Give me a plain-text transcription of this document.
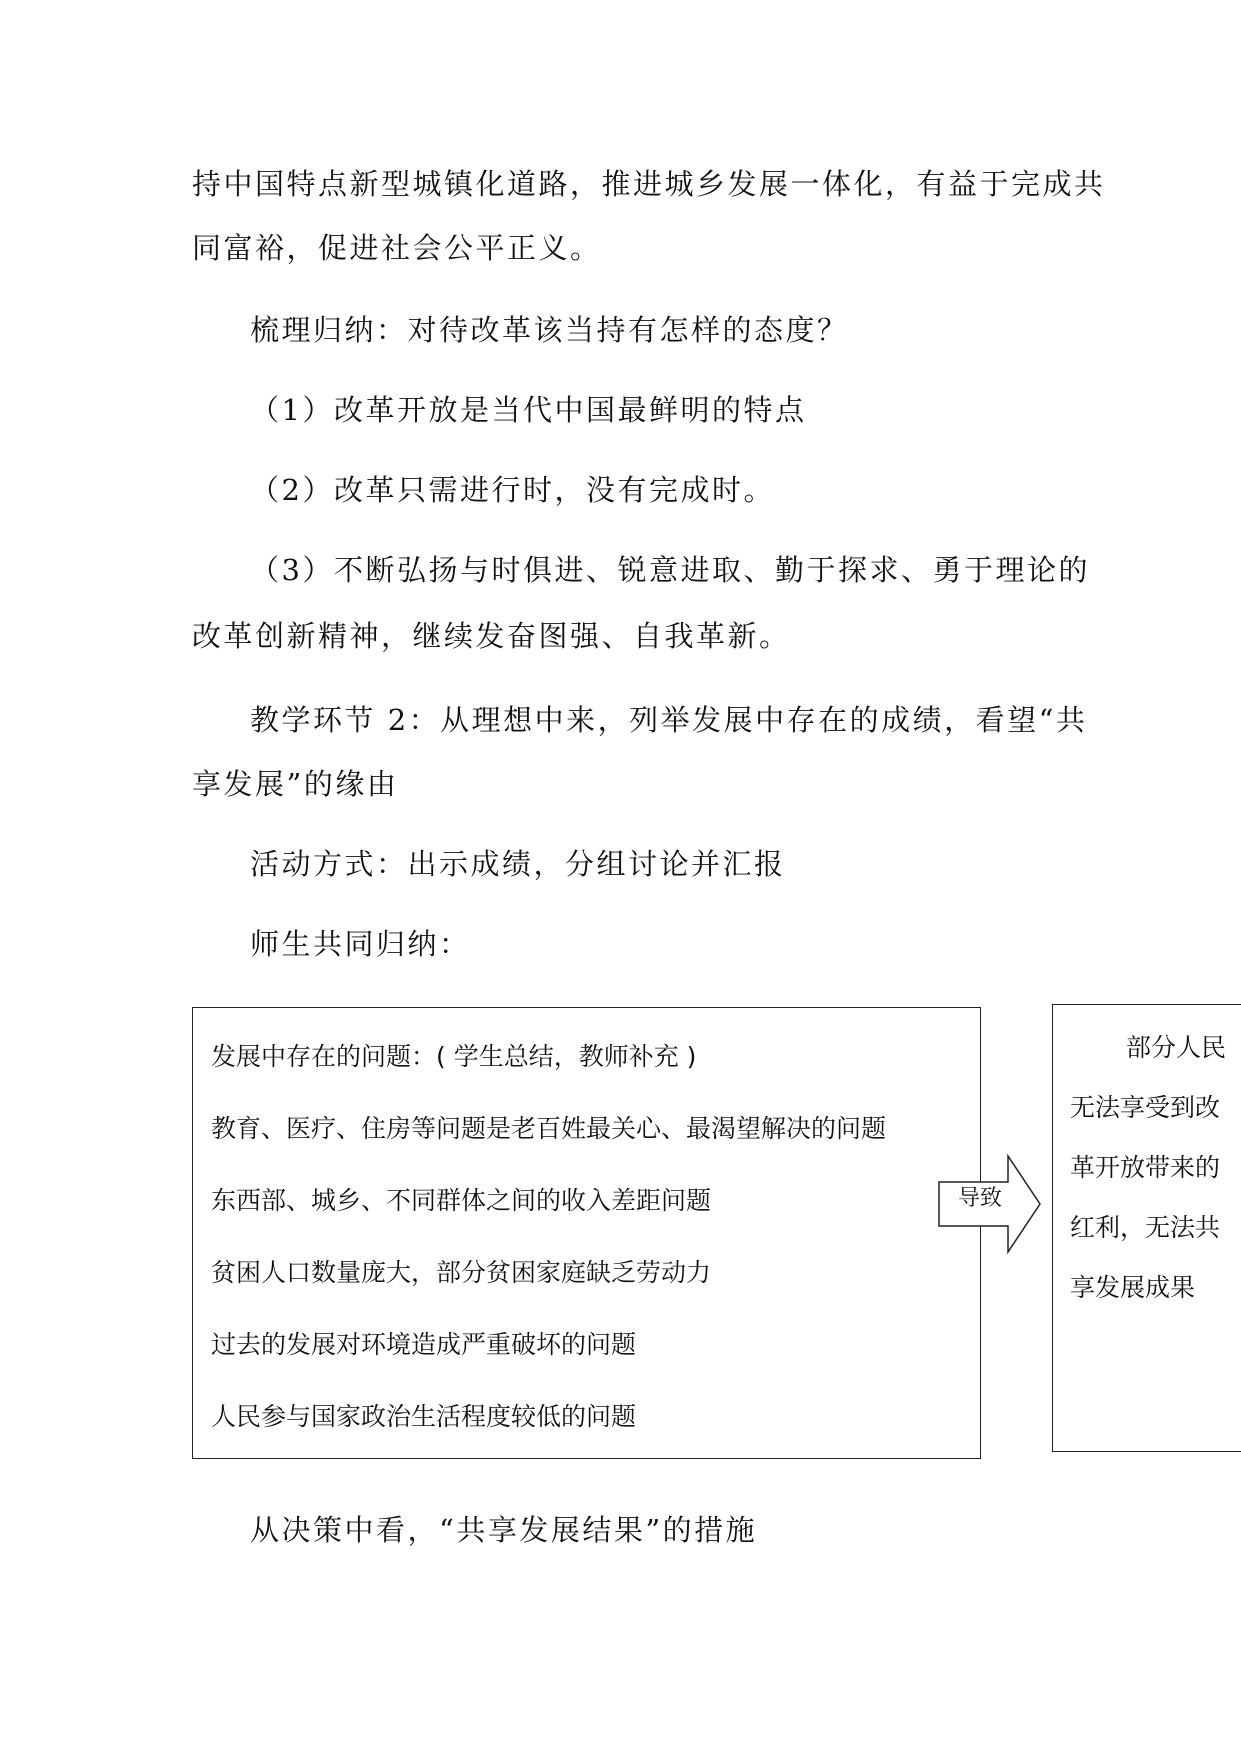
持中国特点新型城镇化道路，推进城乡发展一体化，有益于完成共
同富裕，促进社会公平正义。
梳理归纳：对待改革该当持有怎样的态度？
（1）改革开放是当代中国最鲜明的特点
（2）改革只需进行时，没有完成时。
（3）不断弘扬与时俱进、锐意进取、勤于探求、勇于理论的
改革创新精神，继续发奋图强、自我革新。
教学环节 2：从理想中来，列举发展中存在的成绩，看望“共
享发展”的缘由
活动方式：出示成绩，分组讨论并汇报
师生共同归纳：
发展中存在的问题：( 学生总结，教师补充 )
教育、医疗、住房等问题是老百姓最关心、最渴望解决的问题
东西部、城乡、不同群体之间的收入差距问题
贫困人口数量庞大，部分贫困家庭缺乏劳动力
过去的发展对环境造成严重破坏的问题
人民参与国家政治生活程度较低的问题
导致
部分人民
无法享受到改
革开放带来的
红利，无法共
享发展成果
从决策中看，“共享发展结果”的措施
